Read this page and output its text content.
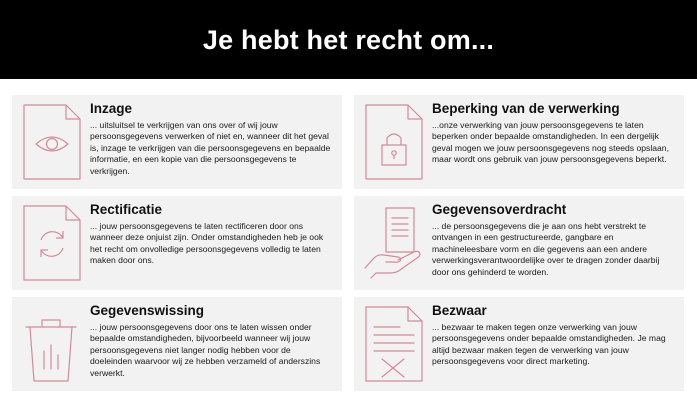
Je hebt het recht om...
Inzage

... uitsluitsel te verkrijgen van ons over of wij jouw persoonsgegevens verwerken of niet en, wanneer dit het geval is, inzage te verkrijgen van die persoonsgegevens en bepaalde informatie, en een kopie van die persoonsgegevens te verkrijgen.

Beperking van de verwerking

...onze verwerking van jouw persoonsgegevens te laten beperken onder bepaalde omstandigheden. In een dergelijk geval mogen we jouw persoonsgegevens nog steeds opslaan, maar wordt ons gebruik van jouw persoonsgegevens beperkt.

Rectificatie

... jouw persoonsgegevens te laten rectificeren door ons wanneer deze onjuist zijn. Onder omstandigheden heb je ook het recht om onvolledige persoonsgegevens volledig te laten maken door ons.

Gegevensoverdracht

... de persoonsgegevens die je aan ons hebt verstrekt te ontvangen in een gestructureerde, gangbare en machineleesbare vorm en die gegevens aan een andere verwerkingsverantwoordelijke over te dragen zonder daarbij door ons gehinderd te worden.

Gegevenswissing

... jouw persoonsgegevens door ons te laten wissen onder bepaalde omstandigheden, bijvoorbeeld wanneer wij jouw persoonsgegevens niet langer nodig hebben voor de doeleinden waarvoor wij ze hebben verzameld of anderszins verwerkt.

Bezwaar

... bezwaar te maken tegen onze verwerking van jouw persoonsgegevens onder bepaalde omstandigheden. Je mag altijd bezwaar maken tegen de verwerking van jouw persoonsgegevens voor direct marketing.
